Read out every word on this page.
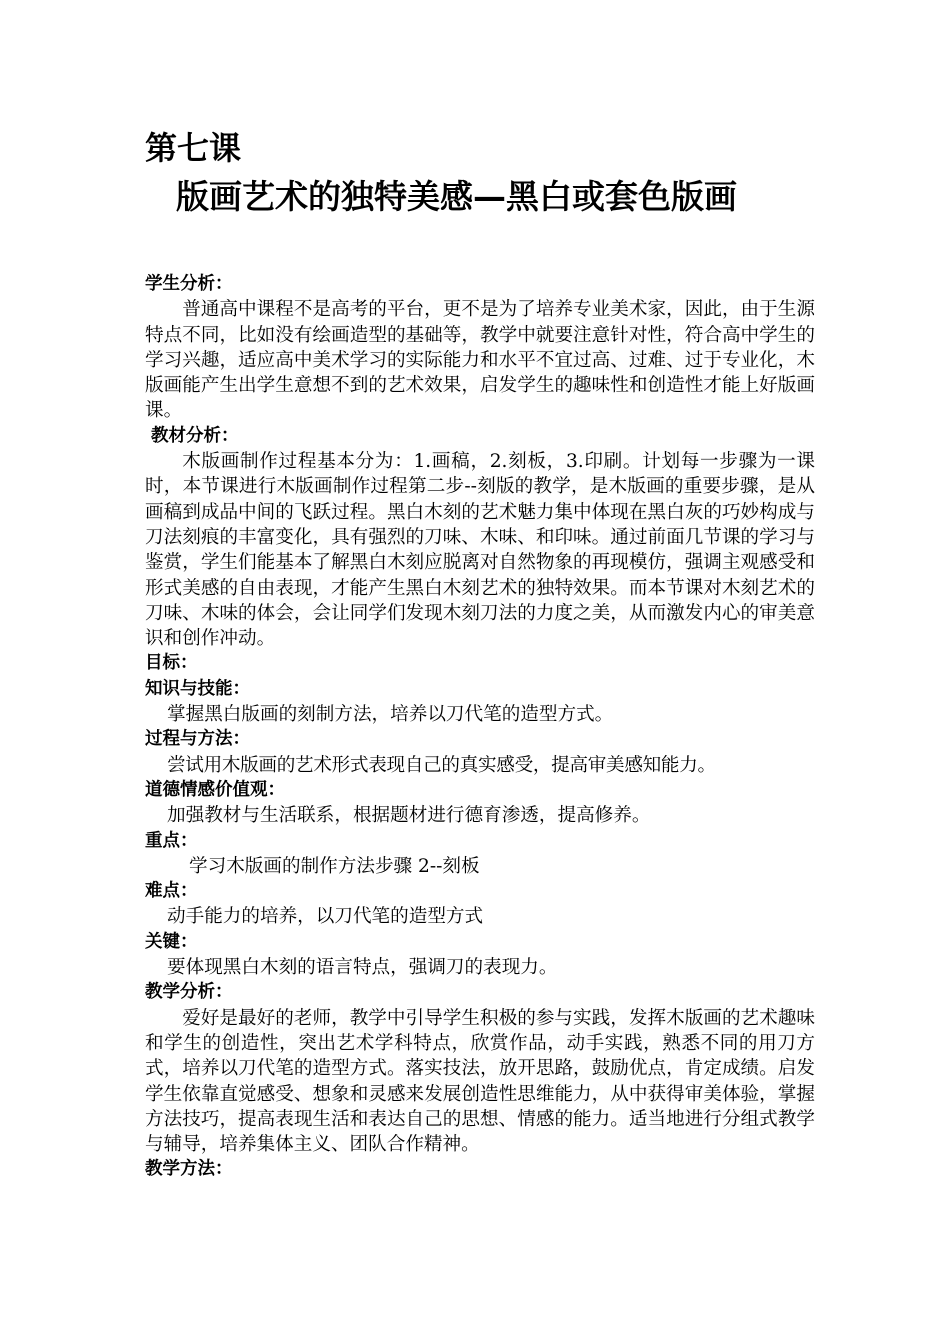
第七课
版画艺术的独特美感—黑白或套色版画

学生分析：

普通高中课程不是高考的平台，更不是为了培养专业美术家，因此，由于生源特点不同，比如没有绘画造型的基础等，教学中就要注意针对性，符合高中学生的学习兴趣，适应高中美术学习的实际能力和水平不宜过高、过难、过于专业化，木版画能产生出学生意想不到的艺术效果，启发学生的趣味性和创造性才能上好版画课。

教材分析：

木版画制作过程基本分为：1.画稿，2.刻板，3.印刷。计划每一步骤为一课时，本节课进行木版画制作过程第二步--刻版的教学，是木版画的重要步骤，是从画稿到成品中间的飞跃过程。黑白木刻的艺术魅力集中体现在黑白灰的巧妙构成与刀法刻痕的丰富变化，具有强烈的刀味、木味、和印味。通过前面几节课的学习与鉴赏，学生们能基本了解黑白木刻应脱离对自然物象的再现模仿，强调主观感受和形式美感的自由表现，才能产生黑白木刻艺术的独特效果。而本节课对木刻艺术的刀味、木味的体会，会让同学们发现木刻刀法的力度之美，从而激发内心的审美意识和创作冲动。

目标：

知识与技能：

掌握黑白版画的刻制方法，培养以刀代笔的造型方式。

过程与方法：

尝试用木版画的艺术形式表现自己的真实感受，提高审美感知能力。

道德情感价值观：

加强教材与生活联系，根据题材进行德育渗透，提高修养。

重点：

学习木版画的制作方法步骤 2--刻板

难点：

动手能力的培养，以刀代笔的造型方式

关键：

要体现黑白木刻的语言特点，强调刀的表现力。

教学分析：

爱好是最好的老师，教学中引导学生积极的参与实践，发挥木版画的艺术趣味和学生的创造性，突出艺术学科特点，欣赏作品，动手实践，熟悉不同的用刀方式，培养以刀代笔的造型方式。落实技法，放开思路，鼓励优点，肯定成绩。启发学生依靠直觉感受、想象和灵感来发展创造性思维能力，从中获得审美体验，掌握方法技巧，提高表现生活和表达自己的思想、情感的能力。适当地进行分组式教学与辅导，培养集体主义、团队合作精神。

教学方法：
